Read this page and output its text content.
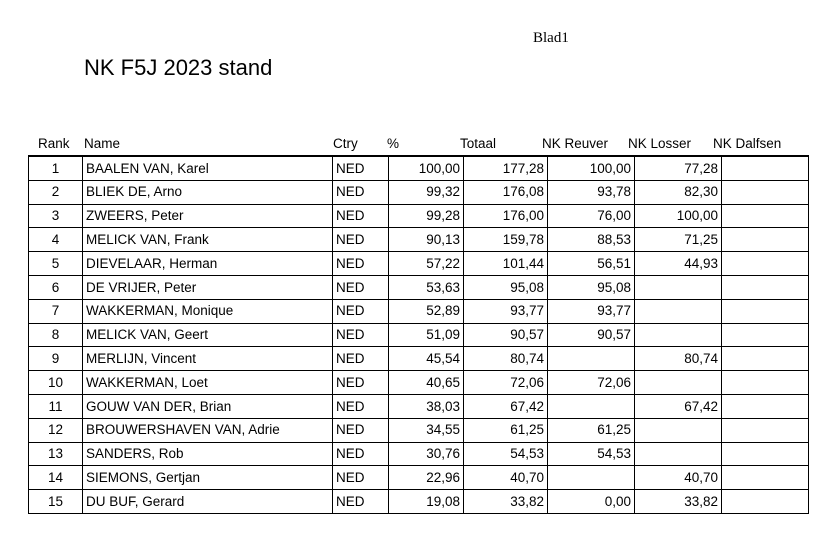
Blad1
NK F5J 2023 stand
Rank Name	Ctry %	Totaal	NK Reuver NK Losser NK Dalfsen
1	BAALEN VAN, Karel	NED	100,00	177,28	100,00	77,28	
2	BLIEK DE, Arno	NED	99,32	176,08	93,78	82,30	
3	ZWEERS, Peter	NED	99,28	176,00	76,00	100,00	
4	MELICK VAN, Frank	NED	90,13	159,78	88,53	71,25	
5	DIEVELAAR, Herman	NED	57,22	101,44	56,51	44,93	
6	DE VRIJER, Peter	NED	53,63	95,08	95,08		
7	WAKKERMAN, Monique	NED	52,89	93,77	93,77		
8	MELICK VAN, Geert	NED	51,09	90,57	90,57		
9	MERLIJN, Vincent	NED	45,54	80,74		80,74	
10	WAKKERMAN, Loet	NED	40,65	72,06	72,06		
11	GOUW VAN DER, Brian	NED	38,03	67,42		67,42	
12	BROUWERSHAVEN VAN, Adrie	NED	34,55	61,25	61,25		
13	SANDERS, Rob	NED	30,76	54,53	54,53		
14	SIEMONS, Gertjan	NED	22,96	40,70		40,70	
15	DU BUF, Gerard	NED	19,08	33,82	0,00	33,82	
